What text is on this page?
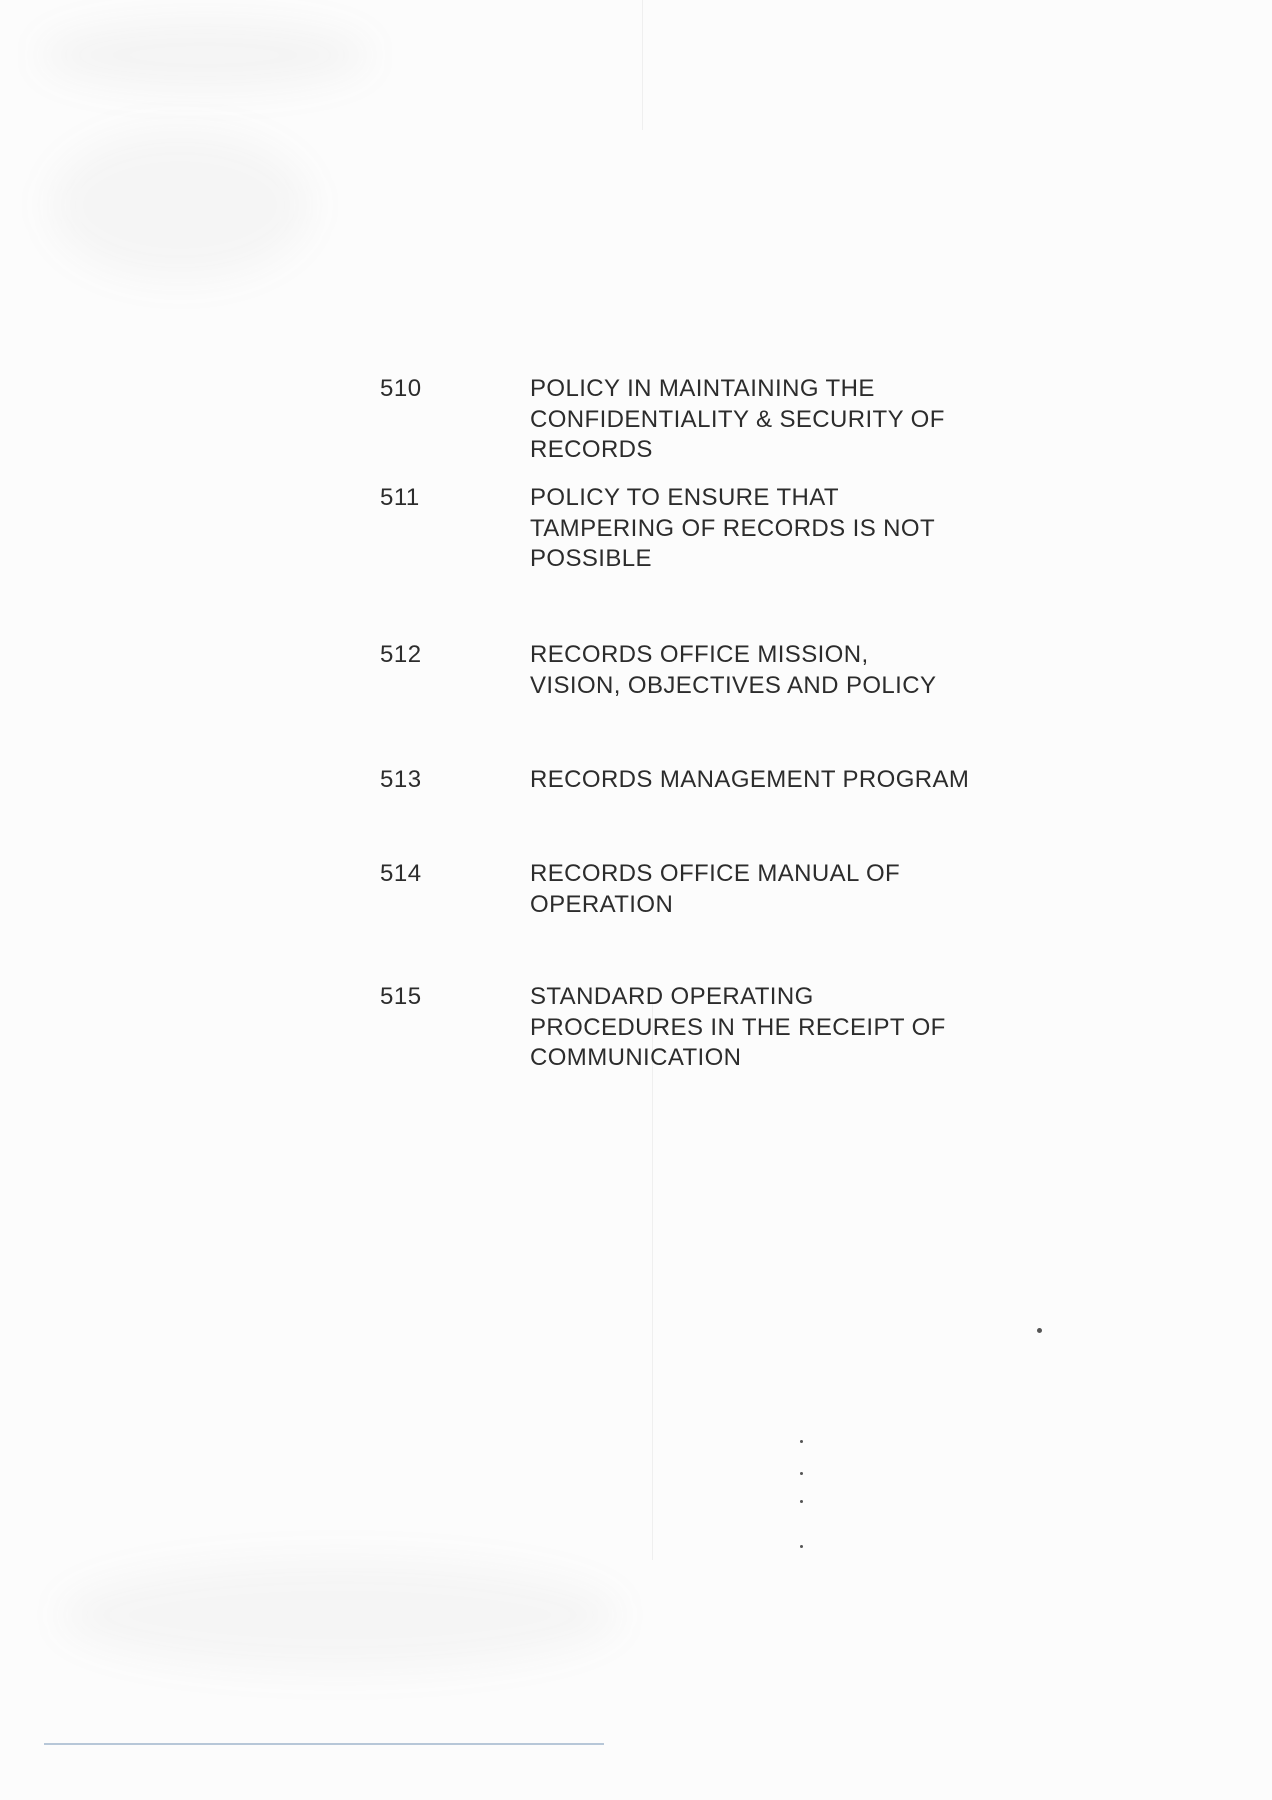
510	POLICY IN MAINTAINING THE
CONFIDENTIALITY & SECURITY OF
RECORDS
511	POLICY TO ENSURE THAT
TAMPERING OF RECORDS IS NOT
POSSIBLE
512	RECORDS OFFICE MISSION,
VISION, OBJECTIVES AND POLICY
513	RECORDS MANAGEMENT PROGRAM
514	RECORDS OFFICE MANUAL OF
OPERATION
515	STANDARD OPERATING
PROCEDURES IN THE RECEIPT OF
COMMUNICATION
